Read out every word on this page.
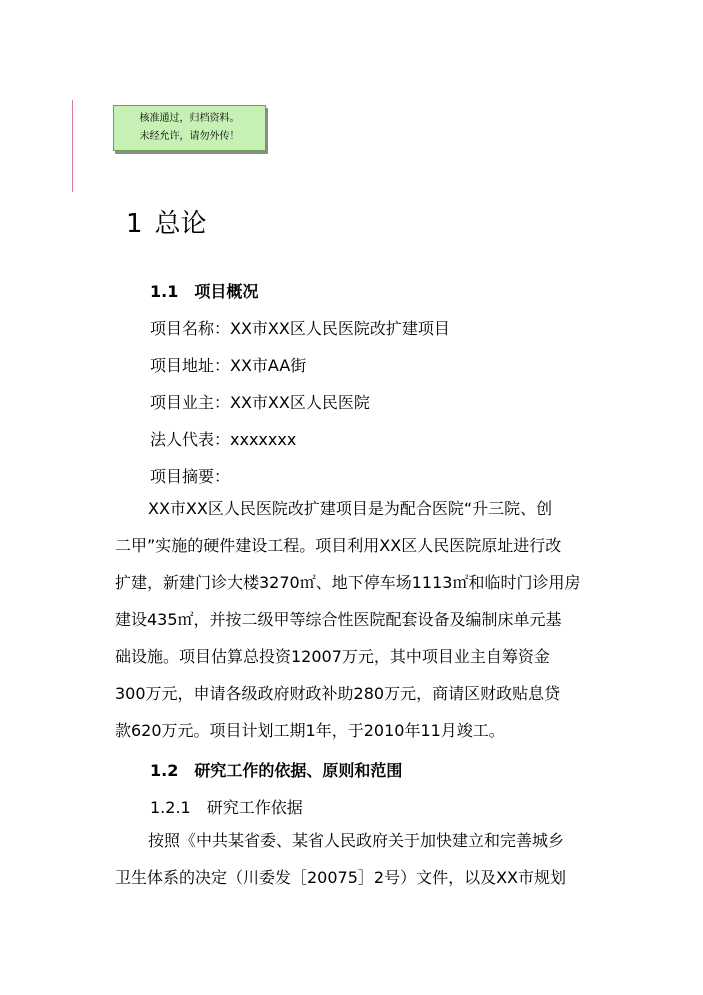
核准通过，归档资料。
未经允许，请勿外传！
1 总论
1.1　项目概况
项目名称：XX市XX区人民医院改扩建项目
项目地址：XX市AA街
项目业主：XX市XX区人民医院
法人代表：xxxxxxx
项目摘要：
XX市XX区人民医院改扩建项目是为配合医院“升三院、创
二甲”实施的硬件建设工程。项目利用XX区人民医院原址进行改
扩建，新建门诊大楼3270㎡、地下停车场1113㎡和临时门诊用房
建设435㎡，并按二级甲等综合性医院配套设备及编制床单元基
础设施。项目估算总投资12007万元，其中项目业主自筹资金
300万元，申请各级政府财政补助280万元，商请区财政贴息贷
款620万元。项目计划工期1年，于2010年11月竣工。
1.2　研究工作的依据、原则和范围
1.2.1　研究工作依据
按照《中共某省委、某省人民政府关于加快建立和完善城乡
卫生体系的决定（川委发［20075］2号）文件，以及XX市规划
